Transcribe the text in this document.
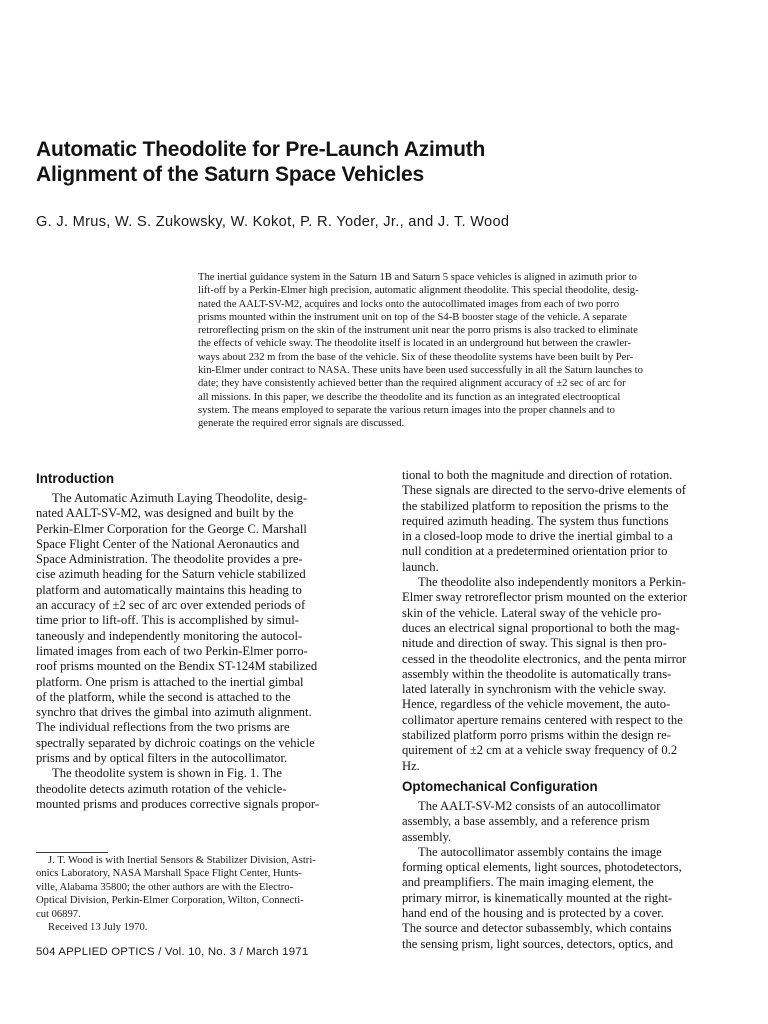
Automatic Theodolite for Pre-Launch Azimuth
Alignment of the Saturn Space Vehicles
G. J. Mrus, W. S. Zukowsky, W. Kokot, P. R. Yoder, Jr., and J. T. Wood
The inertial guidance system in the Saturn 1B and Saturn 5 space vehicles is aligned in azimuth prior to
lift-off by a Perkin-Elmer high precision, automatic alignment theodolite. This special theodolite, desig-
nated the AALT-SV-M2, acquires and locks onto the autocollimated images from each of two porro
prisms mounted within the instrument unit on top of the S4-B booster stage of the vehicle. A separate
retroreflecting prism on the skin of the instrument unit near the porro prisms is also tracked to eliminate
the effects of vehicle sway. The theodolite itself is located in an underground hut between the crawler-
ways about 232 m from the base of the vehicle. Six of these theodolite systems have been built by Per-
kin-Elmer under contract to NASA. These units have been used successfully in all the Saturn launches to
date; they have consistently achieved better than the required alignment accuracy of ±2 sec of arc for
all missions. In this paper, we describe the theodolite and its function as an integrated electrooptical
system. The means employed to separate the various return images into the proper channels and to
generate the required error signals are discussed.
Introduction
The Automatic Azimuth Laying Theodolite, desig-
nated AALT-SV-M2, was designed and built by the
Perkin-Elmer Corporation for the George C. Marshall
Space Flight Center of the National Aeronautics and
Space Administration. The theodolite provides a pre-
cise azimuth heading for the Saturn vehicle stabilized
platform and automatically maintains this heading to
an accuracy of ±2 sec of arc over extended periods of
time prior to lift-off. This is accomplished by simul-
taneously and independently monitoring the autocol-
limated images from each of two Perkin-Elmer porro-
roof prisms mounted on the Bendix ST-124M stabilized
platform. One prism is attached to the inertial gimbal
of the platform, while the second is attached to the
synchro that drives the gimbal into azimuth alignment.
The individual reflections from the two prisms are
spectrally separated by dichroic coatings on the vehicle
prisms and by optical filters in the autocollimator.
The theodolite system is shown in Fig. 1. The
theodolite detects azimuth rotation of the vehicle-
mounted prisms and produces corrective signals propor-
tional to both the magnitude and direction of rotation.
These signals are directed to the servo-drive elements of
the stabilized platform to reposition the prisms to the
required azimuth heading. The system thus functions
in a closed-loop mode to drive the inertial gimbal to a
null condition at a predetermined orientation prior to
launch.
The theodolite also independently monitors a Perkin-
Elmer sway retroreflector prism mounted on the exterior
skin of the vehicle. Lateral sway of the vehicle pro-
duces an electrical signal proportional to both the mag-
nitude and direction of sway. This signal is then pro-
cessed in the theodolite electronics, and the penta mirror
assembly within the theodolite is automatically trans-
lated laterally in synchronism with the vehicle sway.
Hence, regardless of the vehicle movement, the auto-
collimator aperture remains centered with respect to the
stabilized platform porro prisms within the design re-
quirement of ±2 cm at a vehicle sway frequency of 0.2
Hz.
Optomechanical Configuration
The AALT-SV-M2 consists of an autocollimator
assembly, a base assembly, and a reference prism
assembly.
The autocollimator assembly contains the image
forming optical elements, light sources, photodetectors,
and preamplifiers. The main imaging element, the
primary mirror, is kinematically mounted at the right-
hand end of the housing and is protected by a cover.
The source and detector subassembly, which contains
the sensing prism, light sources, detectors, optics, and
J. T. Wood is with Inertial Sensors & Stabilizer Division, Astri-
onics Laboratory, NASA Marshall Space Flight Center, Hunts-
ville, Alabama 35800; the other authors are with the Electro-
Optical Division, Perkin-Elmer Corporation, Wilton, Connecti-
cut 06897.
Received 13 July 1970.
504 APPLIED OPTICS / Vol. 10, No. 3 / March 1971
